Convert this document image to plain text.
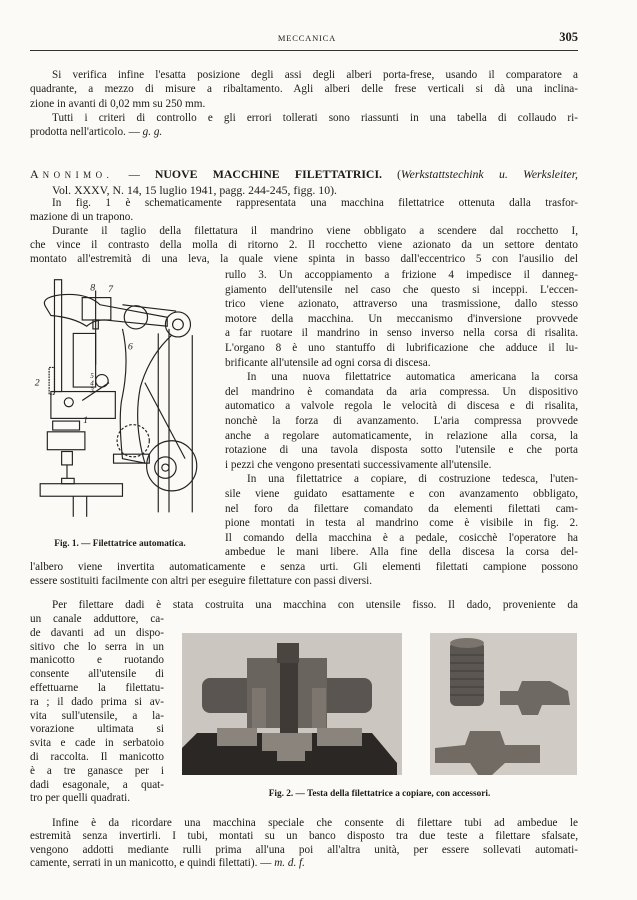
MECCANICA	305
Si verifica infine l'esatta posizione degli assi degli alberi porta-frese, usando il comparatore a
quadrante, a mezzo di misure a ribaltamento. Agli alberi delle frese verticali si dà una inclina-
zione in avanti di 0,02 mm su 250 mm.
Tutti i criteri di controllo e gli errori tollerati sono riassunti in una tabella di collaudo ri-
prodotta nell'articolo. — g. g.
ANONIMO. — NUOVE MACCHINE FILETTATRICI. (Werkstattstechink u. Werksleiter,
Vol. XXXV, N. 14, 15 luglio 1941, pagg. 244-245, figg. 10).
In fig. 1 è schematicamente rappresentata una macchina filettatrice ottenuta dalla trasfor-
mazione di un trapono.
Durante il taglio della filettatura il mandrino viene obbligato a scendere dal rocchetto I,
che vince il contrasto della molla di ritorno 2. Il rocchetto viene azionato da un settore dentato
montato all'estremità di una leva, la quale viene spinta in basso dall'eccentrico 5 con l'ausilio del
rullo 3. Un accoppiamento a frizione 4 impedisce il danneg-
giamento dell'utensile nel caso che questo si inceppi. L'eccen-
trico viene azionato, attraverso una trasmissione, dallo stesso
motore della macchina. Un meccanismo d'inversione provvede
a far ruotare il mandrino in senso inverso nella corsa di risalita.
L'organo 8 è uno stantuffo di lubrificazione che adduce il lu-
brificante all'utensile ad ogni corsa di discesa.
In una nuova filettatrice automatica americana la corsa
del mandrino è comandata da aria compressa. Un dispositivo
automatico a valvole regola le velocità di discesa e di risalita,
nonchè la forza di avanzamento. L'aria compressa provvede
anche a regolare automaticamente, in relazione alla corsa, la
rotazione di una tavola disposta sotto l'utensile e che porta
i pezzi che vengono presentati successivamente all'utensile.
In una filettatrice a copiare, di costruzione tedesca, l'uten-
sile viene guidato esattamente e con avanzamento obbligato,
nel foro da filettare comandato da elementi filettati cam-
pione montati in testa al mandrino come è visibile in fig. 2.
Il comando della macchina è a pedale, cosicchè l'operatore ha
ambedue le mani libere. Alla fine della discesa la corsa del-
l'albero viene invertita automaticamente e senza urti. Gli elementi filettati campione possono
essere sostituiti facilmente con altri per eseguire filettature con passi diversi.
Per filettare dadi è stata costruita una macchina con utensile fisso. Il dado, proveniente da
un canale adduttore, ca-
de davanti ad un dispo-
sitivo che lo serra in un
manicotto e ruotando
consente all'utensile di
effettuarne la filettatu-
ra ; il dado prima si av-
vita sull'utensile, a la-
vorazione ultimata si
svita e cade in serbatoio
di raccolta. Il manicotto
è a tre ganasce per i
dadi esagonale, a quat-
tro per quelli quadrati.
Infine è da ricordare una macchina speciale che consente di filettare tubi ad ambedue le
estremità senza invertirli. I tubi, montati su un banco disposto tra due teste a filettare sfalsate,
vengono addotti mediante rulli prima all'una poi all'altra unità, per essere sollevati automati-
camente, serrati in un manicotto, e quindi filettati). — m. d. f.
8 7
6
2
5
4
3
1
Fig. 1. — Filettatrice automatica.
Fig. 2. — Testa della filettatrice a copiare, con accessori.
